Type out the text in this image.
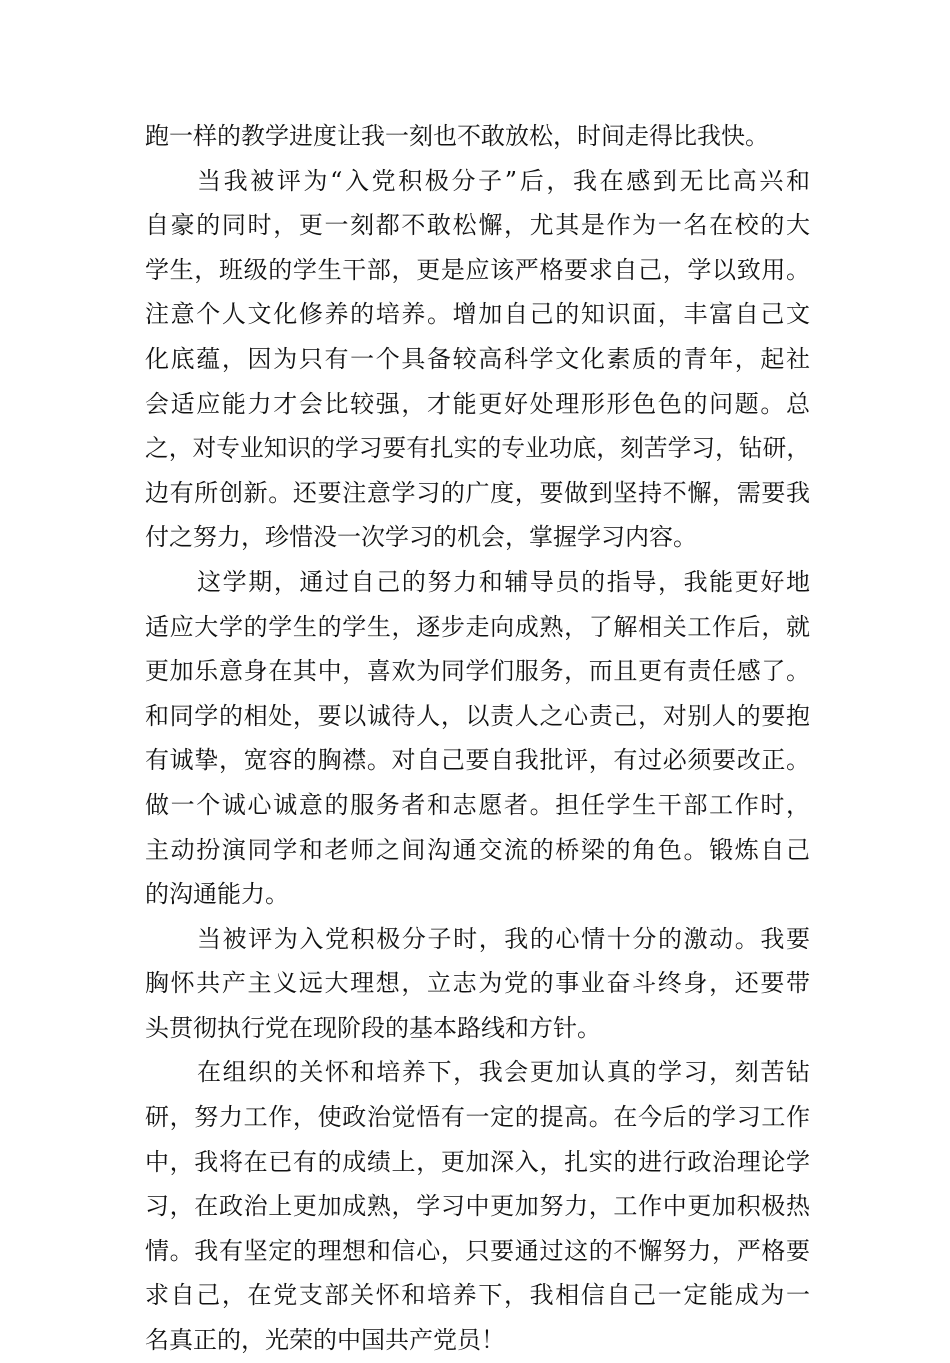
跑一样的教学进度让我一刻也不敢放松，时间走得比我快。
当我被评为“入党积极分子”后，我在感到无比高兴和
自豪的同时，更一刻都不敢松懈，尤其是作为一名在校的大
学生，班级的学生干部，更是应该严格要求自己，学以致用。
注意个人文化修养的培养。增加自己的知识面，丰富自己文
化底蕴，因为只有一个具备较高科学文化素质的青年，起社
会适应能力才会比较强，才能更好处理形形色色的问题。总
之，对专业知识的学习要有扎实的专业功底，刻苦学习，钻研，
边有所创新。还要注意学习的广度，要做到坚持不懈，需要我
付之努力，珍惜没一次学习的机会，掌握学习内容。
这学期，通过自己的努力和辅导员的指导，我能更好地
适应大学的学生的学生，逐步走向成熟，了解相关工作后，就
更加乐意身在其中，喜欢为同学们服务，而且更有责任感了。
和同学的相处，要以诚待人，以责人之心责己，对别人的要抱
有诚挚，宽容的胸襟。对自己要自我批评，有过必须要改正。
做一个诚心诚意的服务者和志愿者。担任学生干部工作时，
主动扮演同学和老师之间沟通交流的桥梁的角色。锻炼自己
的沟通能力。
当被评为入党积极分子时，我的心情十分的激动。我要
胸怀共产主义远大理想，立志为党的事业奋斗终身，还要带
头贯彻执行党在现阶段的基本路线和方针。
在组织的关怀和培养下，我会更加认真的学习，刻苦钻
研，努力工作，使政治觉悟有一定的提高。在今后的学习工作
中，我将在已有的成绩上，更加深入，扎实的进行政治理论学
习，在政治上更加成熟，学习中更加努力，工作中更加积极热
情。我有坚定的理想和信心，只要通过这的不懈努力，严格要
求自己，在党支部关怀和培养下，我相信自己一定能成为一
名真正的，光荣的中国共产党员！
